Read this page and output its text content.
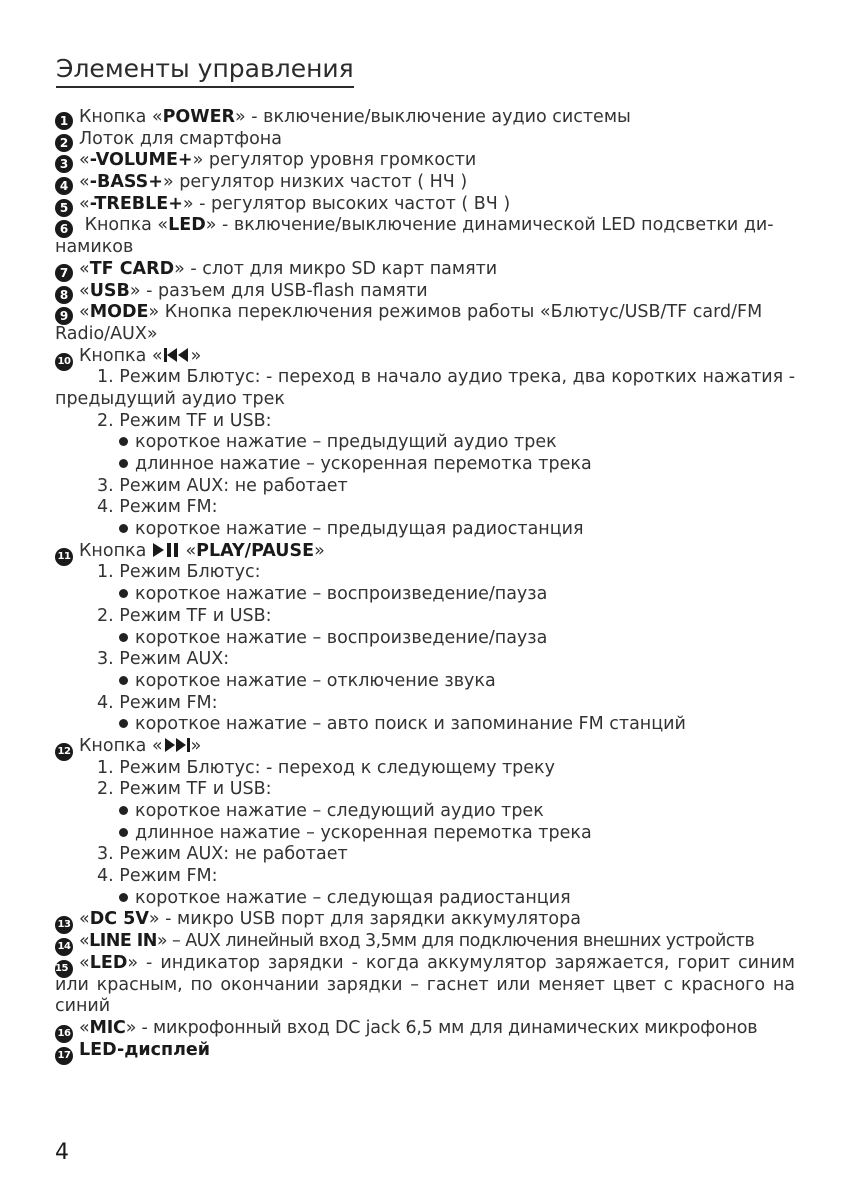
Элементы управления
1 Кнопка «POWER» - включение/выключение аудио системы
2 Лоток для смартфона
3 «-VOLUME+» регулятор уровня громкости
4 «-BASS+» регулятор низких частот ( НЧ )
5 «-TREBLE+» - регулятор высоких частот ( ВЧ )
6 Кнопка «LED» - включение/выключение динамической LED подсветки ди-
намиков
7 «TF CARD» - слот для микро SD карт памяти
8 «USB» - разъем для USB-flash памяти
9 «MODE» Кнопка переключения режимов работы «Блютус/USB/TF card/FM
Radio/AUX»
10 Кнопка « »
1. Режим Блютус: - переход в начало аудио трека, два коротких нажатия -
предыдущий аудио трек
2. Режим TF и USB:
короткое нажатие – предыдущий аудио трек
длинное нажатие – ускоренная перемотка трека
3. Режим AUX: не работает
4. Режим FM:
короткое нажатие – предыдущая радиостанция
11 Кнопка  «PLAY/PAUSE»
1. Режим Блютус:
короткое нажатие – воспроизведение/пауза
2. Режим TF и USB:
короткое нажатие – воспроизведение/пауза
3. Режим AUX:
короткое нажатие – отключение звука
4. Режим FM:
короткое нажатие – авто поиск и запоминание FM станций
12 Кнопка « »
1. Режим Блютус: - переход к следующему треку
2. Режим TF и USB:
короткое нажатие – следующий аудио трек
длинное нажатие – ускоренная перемотка трека
3. Режим AUX: не работает
4. Режим FM:
короткое нажатие – следующая радиостанция
13 «DC 5V» - микро USB порт для зарядки аккумулятора
14 «LINE IN» – AUX линейный вход 3,5мм для подключения внешних устройств
15 «LED» - индикатор зарядки - когда аккумулятор заряжается, горит синим
или красным, по окончании зарядки – гаснет или меняет цвет с красного на
синий
16 «MIC» - микрофонный вход DC jack 6,5 мм для динамических микрофонов
17 LED-дисплей
4
